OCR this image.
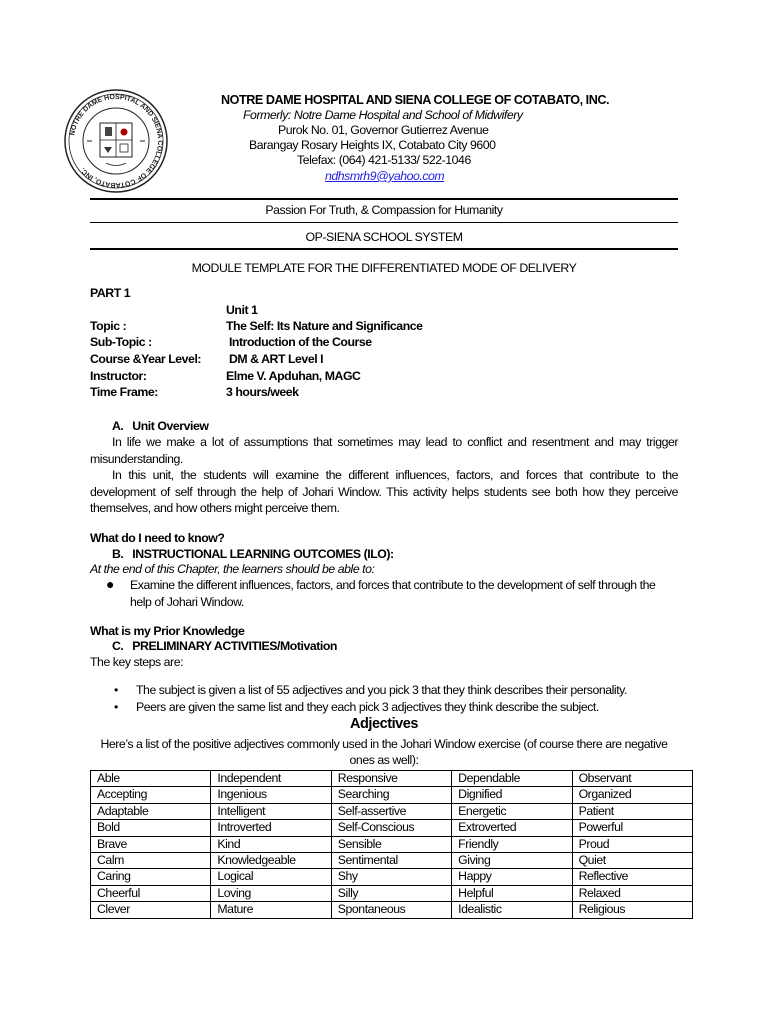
NOTRE DAME HOSPITAL AND SIENA COLLEGE OF COTABATO, INC.
NOTRE DAME HOSPITAL AND SIENA COLLEGE OF COTABATO, INC.
Formerly: Notre Dame Hospital and School of Midwifery
Purok No. 01, Governor Gutierrez Avenue
Barangay Rosary Heights IX, Cotabato City 9600
Telefax: (064) 421-5133/ 522-1046
ndhsmrh9@yahoo.com
Passion For Truth, & Compassion for Humanity
OP-SIENA SCHOOL SYSTEM
MODULE TEMPLATE FOR THE DIFFERENTIATED MODE OF DELIVERY
PART 1
Unit 1
Topic :	The Self: Its Nature and Significance
Sub-Topic :	Introduction of the Course
Course &Year Level: DM & ART Level I
Instructor:	Elme V. Apduhan, MAGC
Time Frame:	3 hours/week
A.   Unit Overview

In life we make a lot of assumptions that sometimes may lead to conflict and resentment and may trigger misunderstanding.

In this unit, the students will examine the different influences, factors, and forces that contribute to the development of self through the help of Johari Window. This activity helps students see both how they perceive themselves, and how others might perceive them.

What do I need to know?
B.   INSTRUCTIONAL LEARNING OUTCOMES (ILO):
At the end of this Chapter, the learners should be able to:
● Examine the different influences, factors, and forces that contribute to the development of self through the
help of Johari Window.
What is my Prior Knowledge
C.   PRELIMINARY ACTIVITIES/Motivation
The key steps are:
• The subject is given a list of 55 adjectives and you pick 3 that they think describes their personality.
• Peers are given the same list and they each pick 3 adjectives they think describe the subject.
Adjectives
Here’s a list of the positive adjectives commonly used in the Johari Window exercise (of course there are negative
ones as well):
Able	Independent	Responsive	Dependable	Observant
Accepting	Ingenious	Searching	Dignified	Organized
Adaptable	Intelligent	Self-assertive	Energetic	Patient
Bold	Introverted	Self-Conscious	Extroverted	Powerful
Brave	Kind	Sensible	Friendly	Proud
Calm	Knowledgeable	Sentimental	Giving	Quiet
Caring	Logical	Shy	Happy	Reflective
Cheerful	Loving	Silly	Helpful	Relaxed
Clever	Mature	Spontaneous	Idealistic	Religious
